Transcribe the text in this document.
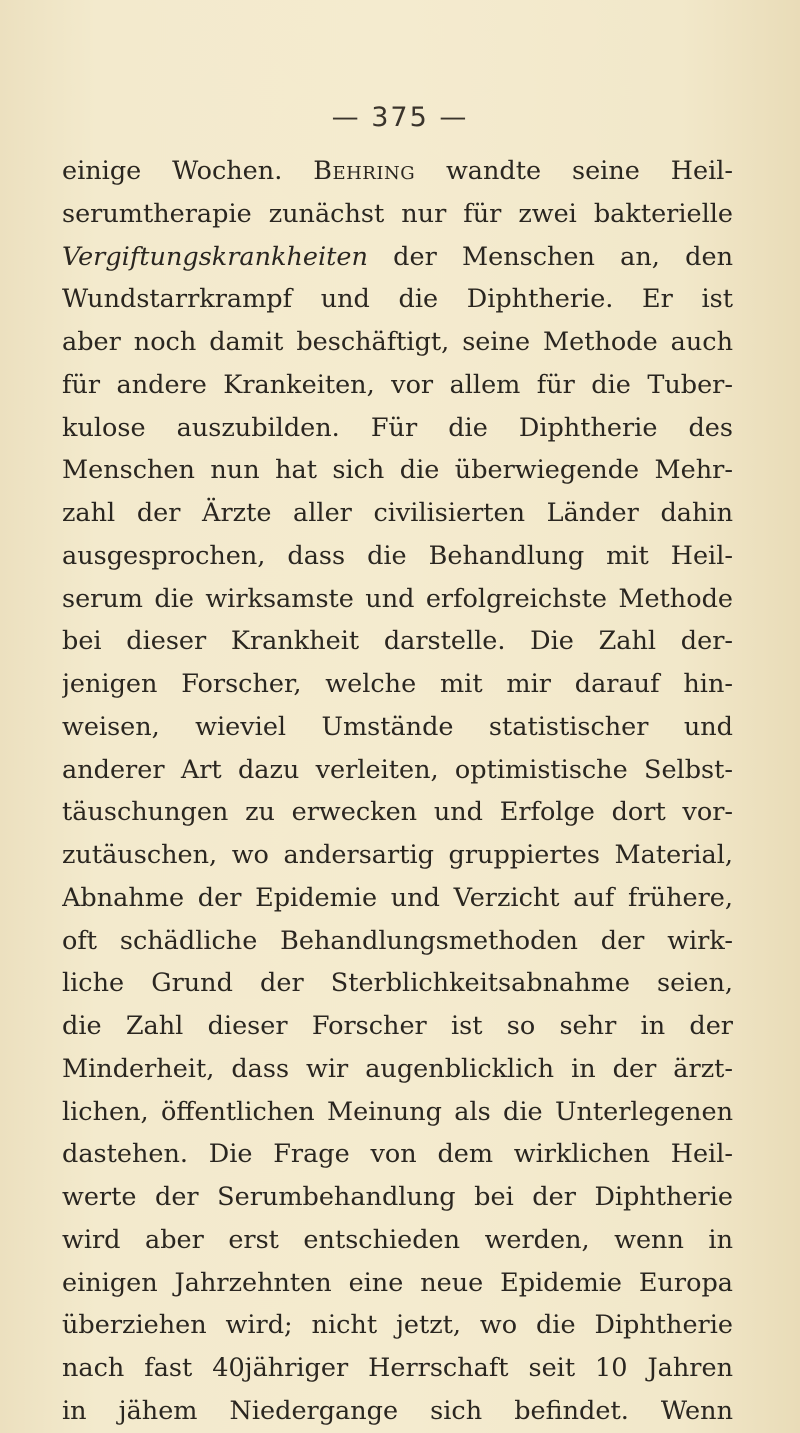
— 375 —
einige Wochen. Behring wandte seine Heil-
serumtherapie zunächst nur für zwei bakterielle
Vergiftungskrankheiten der Menschen an, den
Wundstarrkrampf und die Diphtherie. Er ist
aber noch damit beschäftigt, seine Methode auch
für andere Krankeiten, vor allem für die Tuber-
kulose auszubilden. Für die Diphtherie des
Menschen nun hat sich die überwiegende Mehr-
zahl der Ärzte aller civilisierten Länder dahin
ausgesprochen, dass die Behandlung mit Heil-
serum die wirksamste und erfolgreichste Methode
bei dieser Krankheit darstelle. Die Zahl der-
jenigen Forscher, welche mit mir darauf hin-
weisen, wieviel Umstände statistischer und
anderer Art dazu verleiten, optimistische Selbst-
täuschungen zu erwecken und Erfolge dort vor-
zutäuschen, wo andersartig gruppiertes Material,
Abnahme der Epidemie und Verzicht auf frühere,
oft schädliche Behandlungsmethoden der wirk-
liche Grund der Sterblichkeitsabnahme seien,
die Zahl dieser Forscher ist so sehr in der
Minderheit, dass wir augenblicklich in der ärzt-
lichen, öffentlichen Meinung als die Unterlegenen
dastehen. Die Frage von dem wirklichen Heil-
werte der Serumbehandlung bei der Diphtherie
wird aber erst entschieden werden, wenn in
einigen Jahrzehnten eine neue Epidemie Europa
überziehen wird; nicht jetzt, wo die Diphtherie
nach fast 40jähriger Herrschaft seit 10 Jahren
in jähem Niedergange sich befindet. Wenn
